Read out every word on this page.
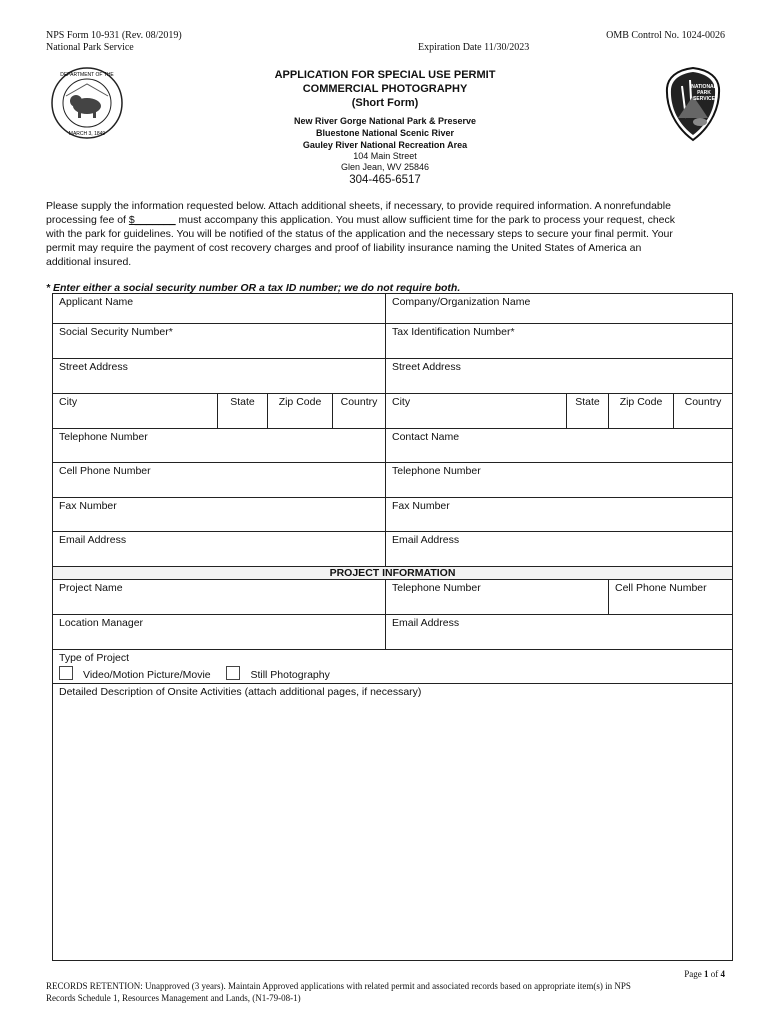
NPS Form 10-931 (Rev. 08/2019)
National Park Service
OMB Control No. 1024-0026
Expiration Date 11/30/2023
DEPARTMENT OF THE
MARCH 3, 1849
NATIONAL
PARK
SERVICE
APPLICATION FOR SPECIAL USE PERMIT
COMMERCIAL PHOTOGRAPHY
(Short Form)
New River Gorge National Park & Preserve
Bluestone National Scenic River
Gauley River National Recreation Area
104 Main Street
Glen Jean, WV 25846
304-465-6517
Please supply the information requested below. Attach additional sheets, if necessary, to provide required information. A nonrefundable
processing fee of $_______ must accompany this application. You must allow sufficient time for the park to process your request, check
with the park for guidelines. You will be notified of the status of the application and the necessary steps to secure your final permit. Your
permit may require the payment of cost recovery charges and proof of liability insurance naming the United States of America an
additional insured.
* Enter either a social security number OR a tax ID number; we do not require both.
Applicant Name				Company/Organization Name			
Social Security Number*				Tax Identification Number*			
Street Address				Street Address			
City	State	Zip Code	Country	City	State	Zip Code	Country
Telephone Number				Contact Name			
Cell Phone Number				Telephone Number			
Fax Number				Fax Number			
Email Address				Email Address			
PROJECT INFORMATION							
Project Name				Telephone Number		Cell Phone Number	
Location Manager				Email Address			

Type of Project
Video/Motion Picture/Movie Still Photography							

Detailed Description of Onsite Activities (attach additional pages, if necessary)							
Page 1 of 4
RECORDS RETENTION: Unapproved (3 years). Maintain Approved applications with related permit and associated records based on appropriate item(s) in NPS
Records Schedule 1, Resources Management and Lands, (N1-79-08-1)
